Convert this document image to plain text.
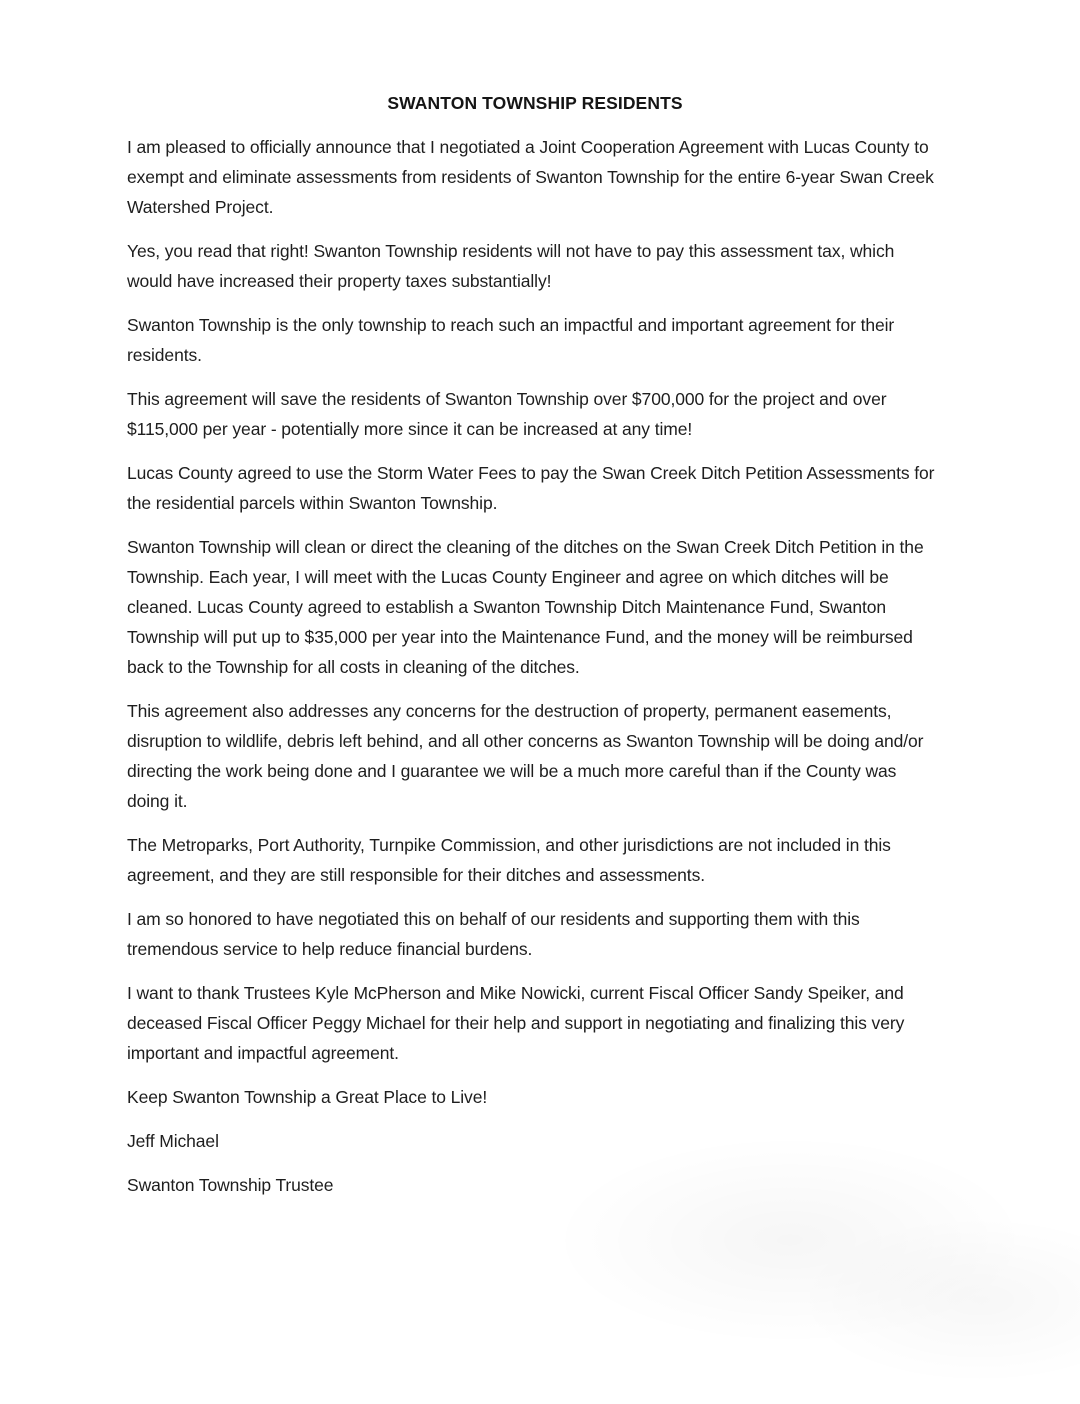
SWANTON TOWNSHIP RESIDENTS

I am pleased to officially announce that I negotiated a Joint Cooperation Agreement with Lucas County to exempt and eliminate assessments from residents of Swanton Township for the entire 6-year Swan Creek Watershed Project.

Yes, you read that right! Swanton Township residents will not have to pay this assessment tax, which would have increased their property taxes substantially!

Swanton Township is the only township to reach such an impactful and important agreement for their residents.

This agreement will save the residents of Swanton Township over $700,000 for the project and over $115,000 per year - potentially more since it can be increased at any time!

Lucas County agreed to use the Storm Water Fees to pay the Swan Creek Ditch Petition Assessments for the residential parcels within Swanton Township.

Swanton Township will clean or direct the cleaning of the ditches on the Swan Creek Ditch Petition in the Township. Each year, I will meet with the Lucas County Engineer and agree on which ditches will be cleaned. Lucas County agreed to establish a Swanton Township Ditch Maintenance Fund, Swanton Township will put up to $35,000 per year into the Maintenance Fund, and the money will be reimbursed back to the Township for all costs in cleaning of the ditches.

This agreement also addresses any concerns for the destruction of property, permanent easements, disruption to wildlife, debris left behind, and all other concerns as Swanton Township will be doing and/or directing the work being done and I guarantee we will be a much more careful than if the County was doing it.

The Metroparks, Port Authority, Turnpike Commission, and other jurisdictions are not included in this agreement, and they are still responsible for their ditches and assessments.

I am so honored to have negotiated this on behalf of our residents and supporting them with this tremendous service to help reduce financial burdens.

I want to thank Trustees Kyle McPherson and Mike Nowicki, current Fiscal Officer Sandy Speiker, and deceased Fiscal Officer Peggy Michael for their help and support in negotiating and finalizing this very important and impactful agreement.

Keep Swanton Township a Great Place to Live!

Jeff Michael

Swanton Township Trustee
